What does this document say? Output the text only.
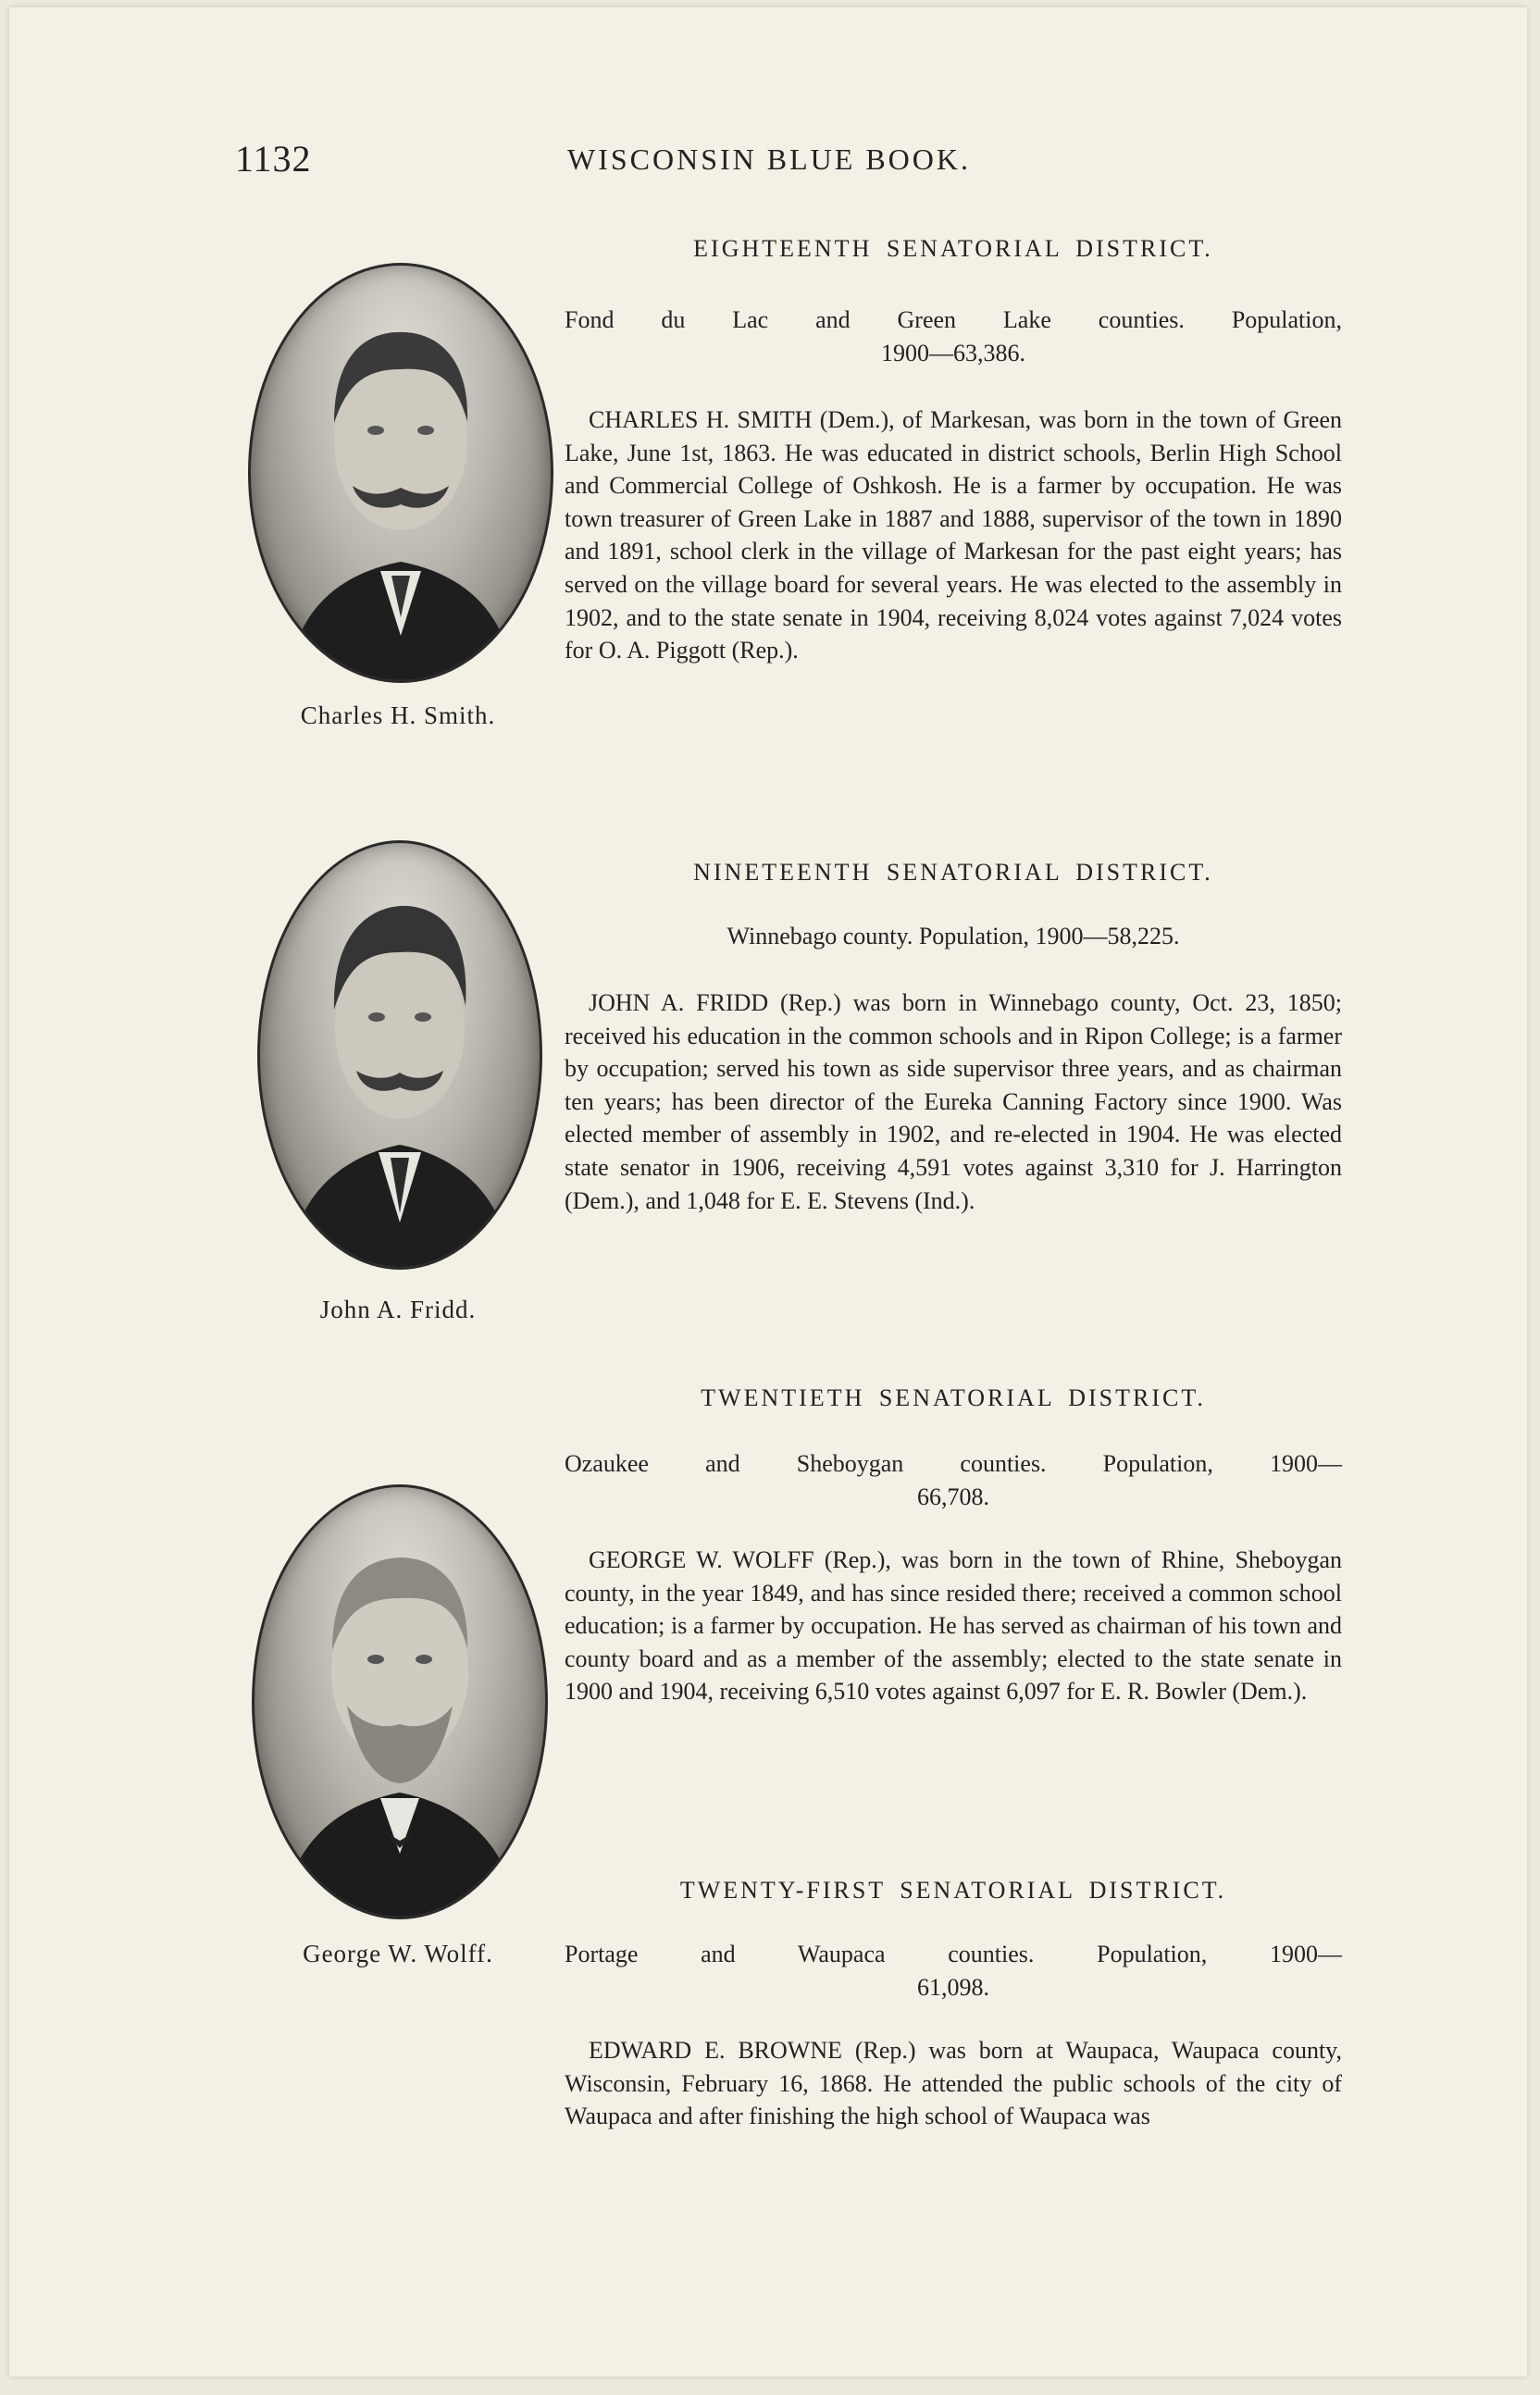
1132	WISCONSIN BLUE BOOK.
Charles H. Smith.
EIGHTEENTH SENATORIAL DISTRICT.
Fond du Lac and Green Lake counties. Population,
1900—63,386.

CHARLES H. SMITH (Dem.), of Markesan, was born in the town of Green Lake, June 1st, 1863. He was educated in district schools, Berlin High School and Commercial College of Oshkosh. He is a farmer by occupation. He was town treasurer of Green Lake in 1887 and 1888, supervisor of the town in 1890 and 1891, school clerk in the village of Markesan for the past eight years; has served on the village board for several years. He was elected to the assembly in 1902, and to the state senate in 1904, receiving 8,024 votes against 7,024 votes for O. A. Piggott (Rep.).

John A. Fridd.
NINETEENTH SENATORIAL DISTRICT.
Winnebago county. Population, 1900—58,225.

JOHN A. FRIDD (Rep.) was born in Winnebago county, Oct. 23, 1850; received his education in the common schools and in Ripon College; is a farmer by occupation; served his town as side supervisor three years, and as chairman ten years; has been director of the Eureka Canning Factory since 1900. Was elected member of assembly in 1902, and re-elected in 1904. He was elected state senator in 1906, receiving 4,591 votes against 3,310 for J. Harrington (Dem.), and 1,048 for E. E. Stevens (Ind.).

George W. Wolff.
TWENTIETH SENATORIAL DISTRICT.
Ozaukee and Sheboygan counties. Population, 1900—
66,708.

GEORGE W. WOLFF (Rep.), was born in the town of Rhine, Sheboygan county, in the year 1849, and has since resided there; received a common school education; is a farmer by occupation. He has served as chairman of his town and county board and as a member of the assembly; elected to the state senate in 1900 and 1904, receiving 6,510 votes against 6,097 for E. R. Bowler (Dem.).

TWENTY-FIRST SENATORIAL DISTRICT.
Portage and Waupaca counties. Population, 1900—
61,098.

EDWARD E. BROWNE (Rep.) was born at Waupaca, Waupaca county, Wisconsin, February 16, 1868. He attended the public schools of the city of Waupaca and after finishing the high school of Waupaca was
